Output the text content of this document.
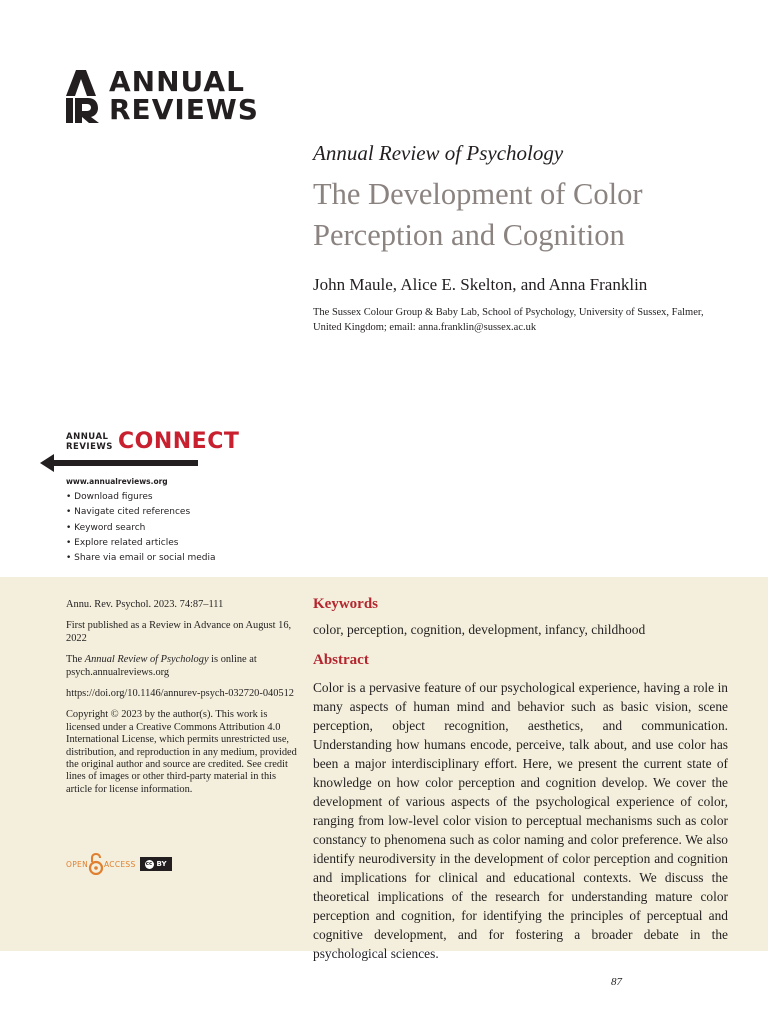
ANNUAL
REVIEWS
Annual Review of Psychology
The Development of Color Perception and Cognition
John Maule, Alice E. Skelton, and Anna Franklin
The Sussex Colour Group & Baby Lab, School of Psychology, University of Sussex, Falmer, United Kingdom; email: anna.franklin@sussex.ac.uk
ANNUAL
REVIEWS CONNECT
www.annualreviews.org
• Download figures
• Navigate cited references
• Keyword search
• Explore related articles
• Share via email or social media

Annu. Rev. Psychol. 2023. 74:87–111

First published as a Review in Advance on August 16, 2022

The Annual Review of Psychology is online at psych.annualreviews.org

https://doi.org/10.1146/annurev-psych-032720-040512

Copyright © 2023 by the author(s). This work is licensed under a Creative Commons Attribution 4.0 International License, which permits unrestricted use, distribution, and reproduction in any medium, provided the original author and source are credited. See credit lines of images or other third-party material in this article for license information.

OPEN ACCESS cc BY
Keywords
color, perception, cognition, development, infancy, childhood
Abstract

Color is a pervasive feature of our psychological experience, having a role in many aspects of human mind and behavior such as basic vision, scene perception, object recognition, aesthetics, and communication. Understanding how humans encode, perceive, talk about, and use color has been a major interdisciplinary effort. Here, we present the current state of knowledge on how color perception and cognition develop. We cover the development of various aspects of the psychological experience of color, ranging from low-level color vision to perceptual mechanisms such as color constancy to phenomena such as color naming and color preference. We also identify neurodiversity in the development of color perception and cognition and implications for clinical and educational contexts. We discuss the theoretical implications of the research for understanding mature color perception and cognition, for identifying the principles of perceptual and cognitive development, and for fostering a broader debate in the psychological sciences.

87
